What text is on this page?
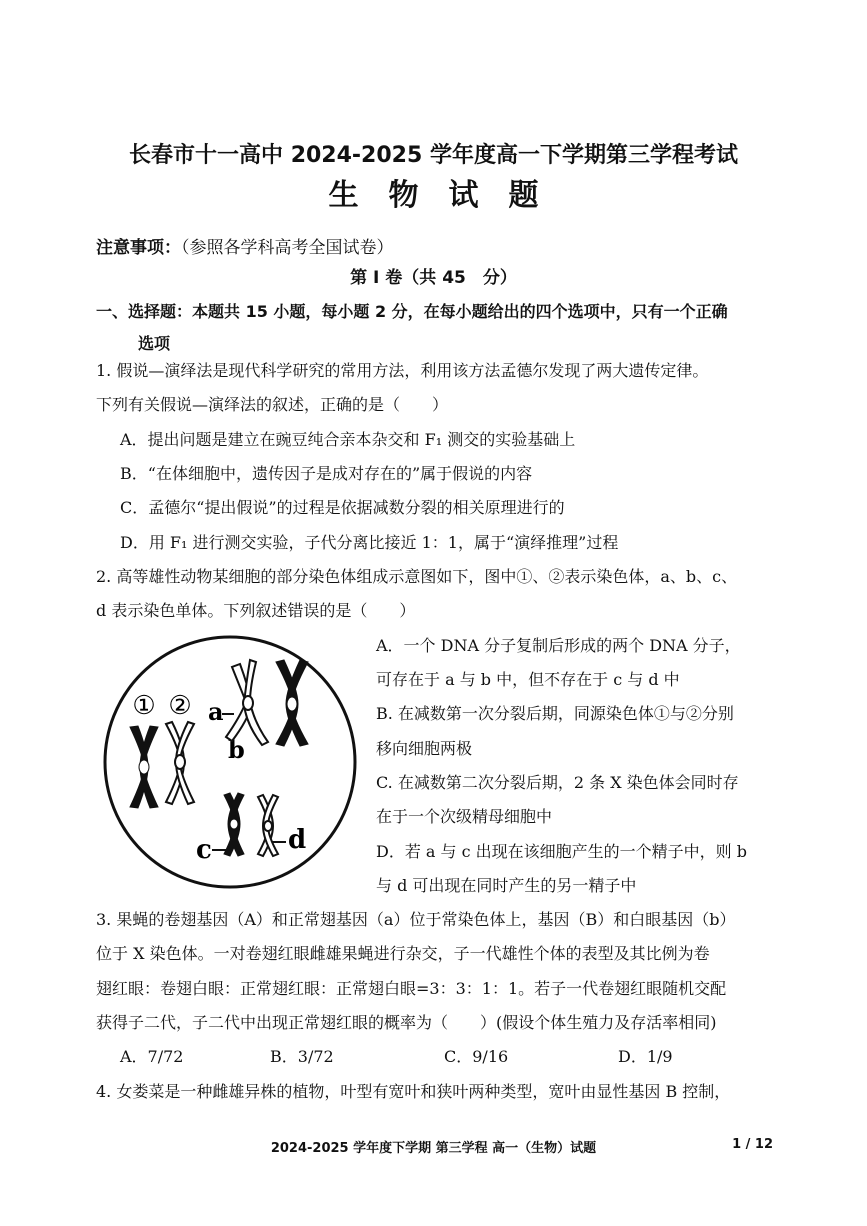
长春市十一高中 2024-2025 学年度高一下学期第三学程考试
生物试题
注意事项：（参照各学科高考全国试卷）
第 I 卷（共 45　分）
一、选择题：本题共 15 小题，每小题 2 分，在每小题给出的四个选项中，只有一个正确
选项
1. 假说—演绎法是现代科学研究的常用方法，利用该方法孟德尔发现了两大遗传定律。
下列有关假说—演绎法的叙述，正确的是（　　）
A．提出问题是建立在豌豆纯合亲本杂交和 F₁ 测交的实验基础上
B．“在体细胞中，遗传因子是成对存在的”属于假说的内容
C．孟德尔“提出假说”的过程是依据减数分裂的相关原理进行的
D．用 F₁ 进行测交实验，子代分离比接近 1：1，属于“演绎推理”过程
2. 高等雄性动物某细胞的部分染色体组成示意图如下，图中①、②表示染色体，a、b、c、
d 表示染色单体。下列叙述错误的是（　　）
① ② a
b
c	d
A．一个 DNA 分子复制后形成的两个 DNA 分子，
可存在于 a 与 b 中，但不存在于 c 与 d 中
B. 在减数第一次分裂后期，同源染色体①与②分别
移向细胞两极
C. 在减数第二次分裂后期，2 条 X 染色体会同时存
在于一个次级精母细胞中
D．若 a 与 c 出现在该细胞产生的一个精子中，则 b
与 d 可出现在同时产生的另一精子中
3. 果蝇的卷翅基因（A）和正常翅基因（a）位于常染色体上，基因（B）和白眼基因（b）
位于 X 染色体。一对卷翅红眼雌雄果蝇进行杂交，子一代雄性个体的表型及其比例为卷
翅红眼：卷翅白眼：正常翅红眼：正常翅白眼=3：3：1：1。若子一代卷翅红眼随机交配
获得子二代，子二代中出现正常翅红眼的概率为（　　）(假设个体生殖力及存活率相同)
A．7/72	B．3/72	C．9/16	D．1/9
4. 女娄菜是一种雌雄异株的植物，叶型有宽叶和狭叶两种类型，宽叶由显性基因 B 控制，
2024-2025 学年度下学期 第三学程 高一（生物）试题	1 / 12
